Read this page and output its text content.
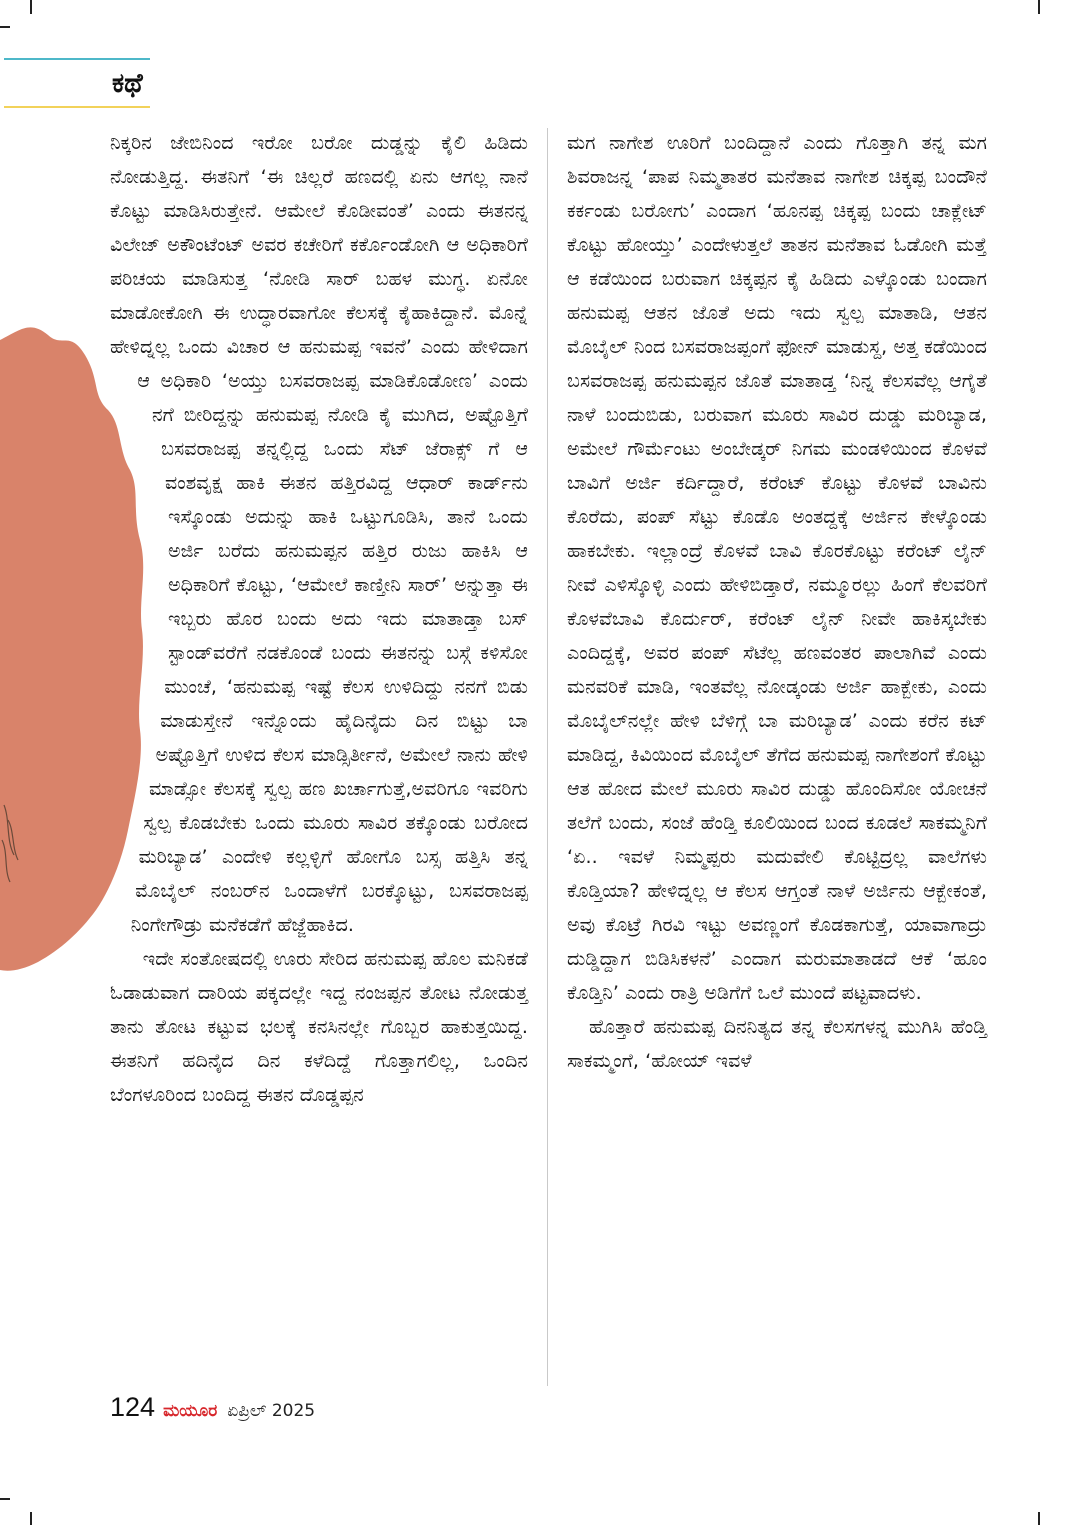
ಕಥೆ

ನಿಕ್ಕರಿನ ಜೇಬಿನಿಂದ ಇರೋ ಬರೋ ದುಡ್ಡನ್ನು ಕೈಲಿ ಹಿಡಿದು ನೋಡುತ್ತಿದ್ದ. ಈತನಿಗೆ ‘ಈ ಚಿಲ್ಲರೆ ಹಣದಲ್ಲಿ ಏನು ಆಗಲ್ಲ ನಾನೆ ಕೊಟ್ಟು ಮಾಡಿಸಿರುತ್ತೇನೆ. ಆಮೇಲೆ ಕೊಡೀವಂತೆ’ ಎಂದು ಈತನನ್ನ ವಿಲೇಜ್ ಅಕೌಂಟೆಂಟ್ ಅವರ ಕಚೇರಿಗೆ ಕರ್ಕೊಂಡೋಗಿ ಆ ಅಧಿಕಾರಿಗೆ ಪರಿಚಯ ಮಾಡಿಸುತ್ತ ‘ನೋಡಿ ಸಾರ್ ಬಹಳ ಮುಗ್ಧ. ಏನೋ ಮಾಡೋಕೋಗಿ ಈ ಉದ್ಧಾರವಾಗೋ ಕೆಲಸಕ್ಕೆ ಕೈಹಾಕಿದ್ದಾನೆ. ಮೊನ್ನೆ ಹೇಳಿದ್ನಲ್ಲ ಒಂದು ವಿಚಾರ ಆ ಹನುಮಪ್ಪ ಇವನೆ’ ಎಂದು ಹೇಳಿದಾಗ ಆ ಅಧಿಕಾರಿ ‘ಅಯ್ತು ಬಸವರಾಜಪ್ಪ ಮಾಡಿಕೊಡೋಣ’ ಎಂದು ನಗೆ ಬೀರಿದ್ದನ್ನು ಹನುಮಪ್ಪ ನೋಡಿ ಕೈ ಮುಗಿದ, ಅಷ್ಟೊತ್ತಿಗೆ ಬಸವರಾಜಪ್ಪ ತನ್ನಲ್ಲಿದ್ದ ಒಂದು ಸೆಟ್ ಜೆರಾಕ್ಸ್ ಗೆ ಆ ವಂಶವೃಕ್ಷ ಹಾಕಿ ಈತನ ಹತ್ತಿರವಿದ್ದ ಆಧಾರ್ ಕಾರ್ಡ್‌ನು ಇಸ್ಕೊಂಡು ಅದುನ್ನು ಹಾಕಿ ಒಟ್ಟುಗೂಡಿಸಿ, ತಾನೆ ಒಂದು ಅರ್ಜಿ ಬರೆದು ಹನುಮಪ್ಪನ ಹತ್ತಿರ ರುಜು ಹಾಕಿಸಿ ಆ ಅಧಿಕಾರಿಗೆ ಕೊಟ್ಟು, ‘ಆಮೇಲೆ ಕಾಣ್ತೀನಿ ಸಾರ್’ ಅನ್ನುತ್ತಾ ಈ ಇಬ್ಬರು ಹೊರ ಬಂದು ಅದು ಇದು ಮಾತಾಡ್ತಾ ಬಸ್ ಸ್ಟಾಂಡ್‌ವರೆಗೆ ನಡಕೊಂಡೆ ಬಂದು ಈತನನ್ನು ಬಸ್ಗೆ ಕಳಿಸೋ ಮುಂಚೆ, ‘ಹನುಮಪ್ಪ ಇಷ್ಟೆ ಕೆಲಸ ಉಳಿದಿದ್ದು ನನಗೆ ಬಿಡು ಮಾಡುಸ್ತೇನೆ ಇನ್ನೊಂದು ಹೈದಿನೈದು ದಿನ ಬಿಟ್ಟು ಬಾ ಅಷ್ಟೊತ್ತಿಗೆ ಉಳಿದ ಕೆಲಸ ಮಾಡ್ಸಿರ್ತೀನೆ, ಅಮೇಲೆ ನಾನು ಹೇಳಿ ಮಾಡ್ಸೋ ಕೆಲಸಕ್ಕೆ ಸ್ವಲ್ಪ ಹಣ ಖರ್ಚಾಗುತ್ತೆ,ಅವರಿಗೂ ಇವರಿಗು ಸ್ವಲ್ಪ ಕೊಡಬೇಕು ಒಂದು ಮೂರು ಸಾವಿರ ತಕ್ಕೊಂಡು ಬರೋದ ಮರಿಬ್ಯಾಡ’ ಎಂದೇಳಿ ಕಲ್ಲಳ್ಳಿಗೆ ಹೋಗೊ ಬಸ್ಸ ಹತ್ತಿಸಿ ತನ್ನ ಮೊಬೈಲ್ ನಂಬರ್‌ನ ಒಂದಾಳೆಗೆ ಬರಕ್ಕೊಟ್ಟು, ಬಸವರಾಜಪ್ಪ ನಿಂಗೇಗೌಡ್ರು ಮನೆಕಡೆಗೆ ಹೆಜ್ಜೆಹಾಕಿದ.

ಇದೇ ಸಂತೋಷದಲ್ಲಿ ಊರು ಸೇರಿದ ಹನುಮಪ್ಪ ಹೊಲ ಮನಿಕಡೆ ಓಡಾಡುವಾಗ ದಾರಿಯ ಪಕ್ಕದಲ್ಲೇ ಇದ್ದ ನಂಜಪ್ಪನ ತೋಟ ನೋಡುತ್ತ ತಾನು ತೋಟ ಕಟ್ಟುವ ಭಲಕ್ಕೆ ಕನಸಿನಲ್ಲೇ ಗೊಬ್ಬರ ಹಾಕುತ್ತಯಿದ್ದ. ಈತನಿಗೆ ಹದಿನೈದ ದಿನ ಕಳೆದಿದ್ದೆ ಗೊತ್ತಾಗಲಿಲ್ಲ, ಒಂದಿನ ಬೆಂಗಳೂರಿಂದ ಬಂದಿದ್ದ ಈತನ ದೊಡ್ಡಪ್ಪನ

ಮಗ ನಾಗೇಶ ಊರಿಗೆ ಬಂದಿದ್ದಾನೆ ಎಂದು ಗೊತ್ತಾಗಿ ತನ್ನ ಮಗ ಶಿವರಾಜನ್ನ ‘ಪಾಪ ನಿಮ್ಮತಾತರ ಮನೆತಾವ ನಾಗೇಶ ಚಿಕ್ಕಪ್ಪ ಬಂದೌನೆ ಕರ್ಕಂಡು ಬರೋಗು’ ಎಂದಾಗ ‘ಹೂನಪ್ಪ ಚಿಕ್ಕಪ್ಪ ಬಂದು ಚಾಕ್ಲೇಟ್ ಕೊಟ್ಟು ಹೋಯ್ತು’ ಎಂದೇಳುತ್ತಲೆ ತಾತನ ಮನೆತಾವ ಓಡೋಗಿ ಮತ್ತೆ ಆ ಕಡೆಯಿಂದ ಬರುವಾಗ ಚಿಕ್ಕಪ್ಪನ ಕೈ ಹಿಡಿದು ಎಳ್ಕೊಂಡು ಬಂದಾಗ ಹನುಮಪ್ಪ ಆತನ ಜೊತೆ ಅದು ಇದು ಸ್ವಲ್ಪ ಮಾತಾಡಿ, ಆತನ ಮೊಬೈಲ್ ನಿಂದ ಬಸವರಾಜಪ್ಪಂಗೆ ಫೋನ್ ಮಾಡುಸ್ದ, ಅತ್ತ ಕಡೆಯಿಂದ ಬಸವರಾಜಪ್ಪ ಹನುಮಪ್ಪನ ಜೊತೆ ಮಾತಾಡ್ತ ‘ನಿನ್ನ ಕೆಲಸವೆಲ್ಲ ಆಗೈತೆ ನಾಳೆ ಬಂದುಬಿಡು, ಬರುವಾಗ ಮೂರು ಸಾವಿರ ದುಡ್ಡು ಮರಿಬ್ಯಾಡ, ಅಮೇಲೆ ಗೌರ್ಮೆಂಟು ಅಂಬೇಡ್ಕರ್ ನಿಗಮ ಮಂಡಳಿಯಿಂದ ಕೊಳವೆ ಬಾವಿಗೆ ಅರ್ಜಿ ಕರ್ದಿದ್ದಾರೆ, ಕರೆಂಟ್ ಕೊಟ್ಟು ಕೊಳವೆ ಬಾವಿನು ಕೊರೆದು, ಪಂಪ್ ಸೆಟ್ಟು ಕೊಡೊ ಅಂತದ್ದಕ್ಕೆ ಅರ್ಜಿನ ಕೇಳ್ಕೊಂಡು ಹಾಕಬೇಕು. ಇಲ್ಲಾಂದ್ರೆ ಕೊಳವೆ ಬಾವಿ ಕೊರಕೊಟ್ಟು ಕರೆಂಟ್ ಲೈನ್ ನೀವೆ ಎಳಿಸ್ಕೊಳ್ಳಿ ಎಂದು ಹೇಳಿಬಿಡ್ತಾರೆ, ನಮ್ಮೂರಲ್ಲು ಹಿಂಗೆ ಕೆಲವರಿಗೆ ಕೊಳವೆಬಾವಿ ಕೊರ್ದುರ್, ಕರೆಂಟ್ ಲೈನ್ ನೀವೇ ಹಾಕಿಸ್ಕಬೇಕು ಎಂದಿದ್ದಕ್ಕೆ, ಅವರ ಪಂಪ್ ಸೆಟೆಲ್ಲ ಹಣವಂತರ ಪಾಲಾಗಿವೆ ಎಂದು ಮನವರಿಕೆ ಮಾಡಿ, ಇಂತವೆಲ್ಲ ನೋಡ್ಕಂಡು ಅರ್ಜಿ ಹಾಕ್ಬೇಕು, ಎಂದು ಮೊಬೈಲ್‌ನಲ್ಲೇ ಹೇಳಿ ಬೆಳಿಗ್ಗೆ ಬಾ ಮರಿಬ್ಯಾಡ’ ಎಂದು ಕರೆನ ಕಟ್ ಮಾಡಿದ್ದ, ಕಿವಿಯಿಂದ ಮೊಬೈಲ್ ತೆಗೆದ ಹನುಮಪ್ಪ ನಾಗೇಶಂಗೆ ಕೊಟ್ಟು ಆತ ಹೋದ ಮೇಲೆ ಮೂರು ಸಾವಿರ ದುಡ್ಡು ಹೊಂದಿಸೋ ಯೋಚನೆ ತಲೆಗೆ ಬಂದು, ಸಂಜೆ ಹೆಂಡ್ತಿ ಕೂಲಿಯಿಂದ ಬಂದ ಕೂಡಲೆ ಸಾಕಮ್ಮನಿಗೆ ‘ಏ.. ಇವಳೆ ನಿಮ್ಮಪ್ಪರು ಮದುವೇಲಿ ಕೊಟ್ಟಿದ್ರಲ್ಲ ವಾಲೆಗಳು ಕೊಡ್ತಿಯಾ? ಹೇಳಿದ್ನಲ್ಲ ಆ ಕೆಲಸ ಆಗ್ತಂತೆ ನಾಳೆ ಅರ್ಜಿನು ಆಕ್ಬೇಕಂತೆ, ಅವು ಕೊಟ್ರೆ ಗಿರವಿ ಇಟ್ಟು ಅವಣ್ಣಂಗೆ ಕೊಡಕಾಗುತ್ತೆ, ಯಾವಾಗಾದ್ರು ದುಡ್ಡಿದ್ದಾಗ ಬಿಡಿಸಿಕಳನೆ’ ಎಂದಾಗ ಮರುಮಾತಾಡದೆ ಆಕೆ ‘ಹೂಂ ಕೊಡ್ತಿನಿ’ ಎಂದು ರಾತ್ರಿ ಅಡಿಗೆಗೆ ಒಲೆ ಮುಂದೆ ಪಟ್ಟವಾದಳು.

ಹೊತ್ತಾರೆ ಹನುಮಪ್ಪ ದಿನನಿತ್ಯದ ತನ್ನ ಕೆಲಸಗಳನ್ನ ಮುಗಿಸಿ ಹೆಂಡ್ತಿ ಸಾಕಮ್ಮಂಗೆ, ‘ಹೋಯ್ ಇವಳೆ

124 ಮಯೂರ ಏಪ್ರಿಲ್ 2025
